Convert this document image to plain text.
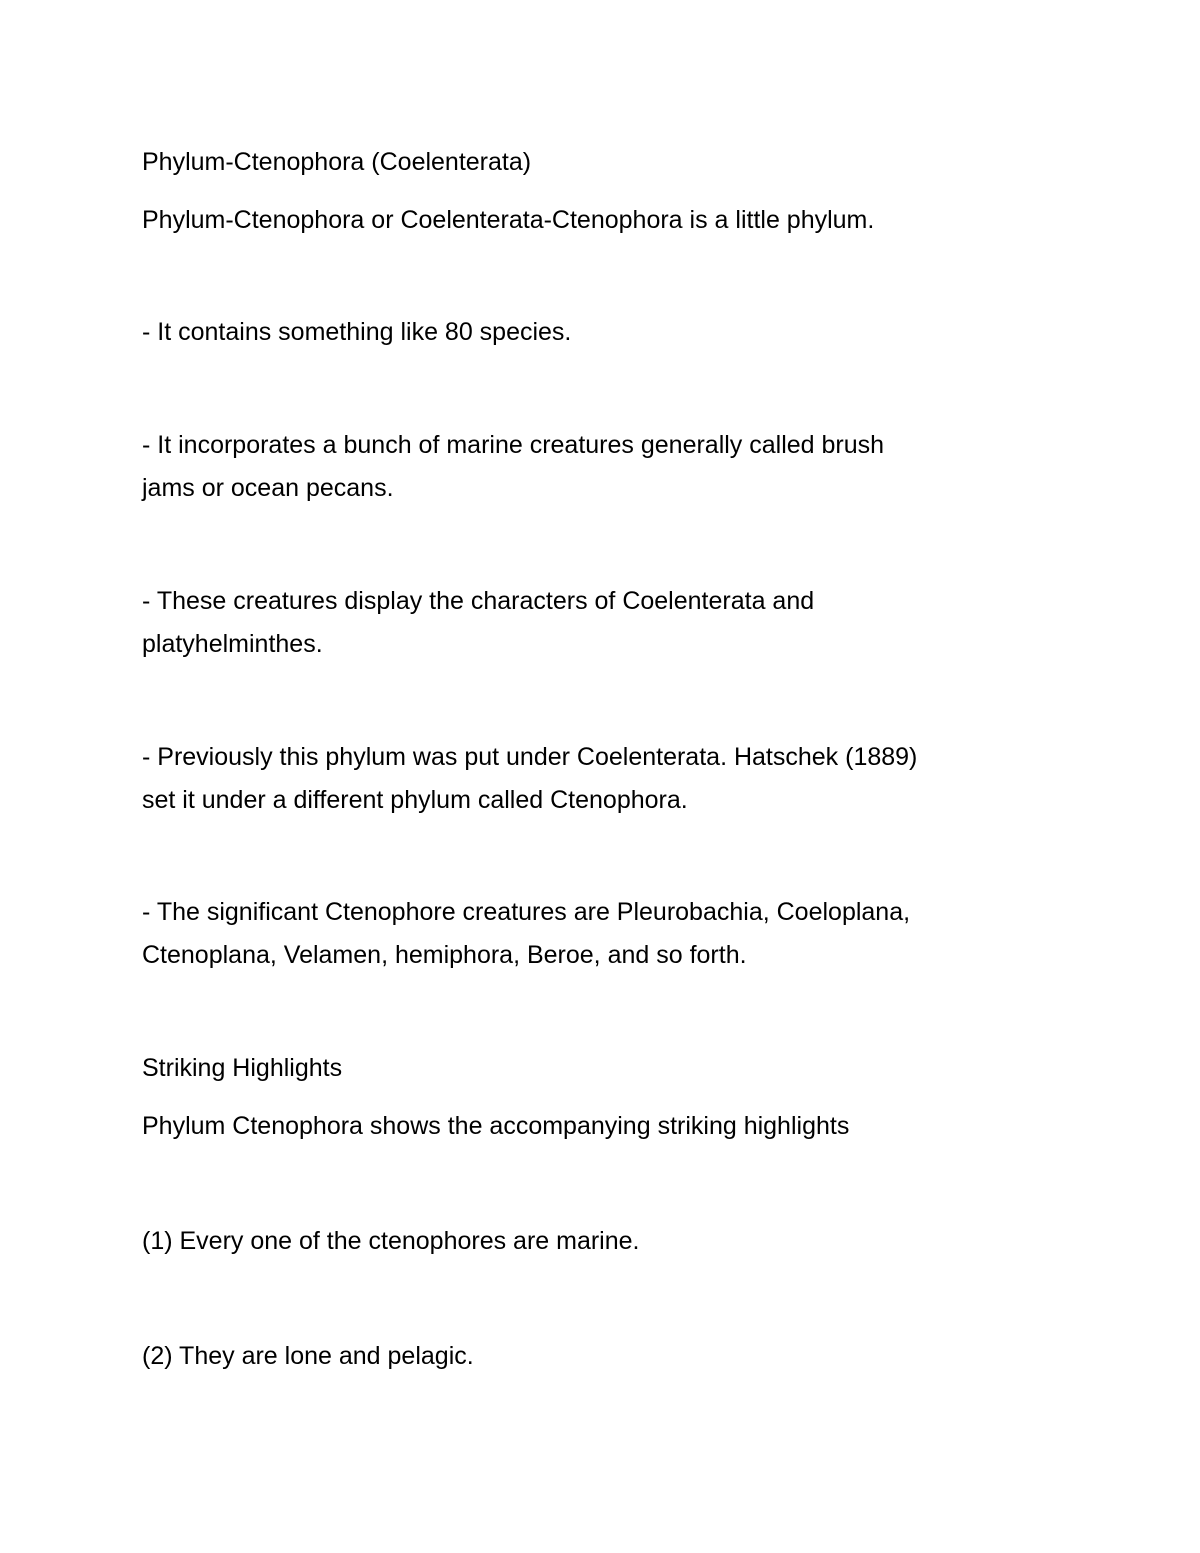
Phylum-Ctenophora (Coelenterata)

Phylum-Ctenophora or Coelenterata-Ctenophora is a little phylum.

- It contains something like 80 species.

- It incorporates a bunch of marine creatures generally called brush
jams or ocean pecans.
- These creatures display the characters of Coelenterata and
platyhelminthes.
- Previously this phylum was put under Coelenterata. Hatschek (1889)
set it under a different phylum called Ctenophora.
- The significant Ctenophore creatures are Pleurobachia, Coeloplana,
Ctenoplana, Velamen, hemiphora, Beroe, and so forth.

Striking Highlights

Phylum Ctenophora shows the accompanying striking highlights

(1) Every one of the ctenophores are marine.

(2) They are lone and pelagic.
